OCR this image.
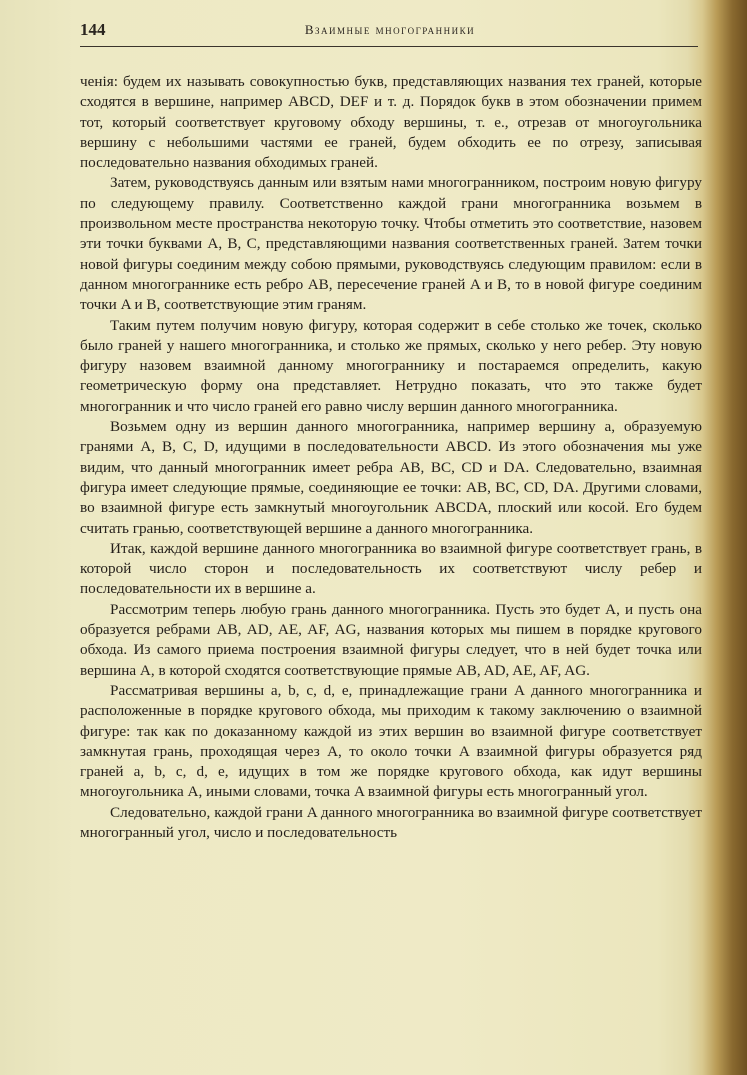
144	Взаимные многогранники

ченія: будем их называть совокупностью букв, представляющих названия тех граней, которые сходятся в вершине, например ABCD, DEF и т. д. Порядок букв в этом обозначении примем тот, который соответствует круговому обходу вершины, т. е., отрезав от многоугольника вершину с небольшими частями ее граней, будем обходить ее по отрезу, записывая последовательно названия обходимых граней.

Затем, руководствуясь данным или взятым нами многогранником, построим новую фигуру по следующему правилу. Соответственно каждой грани многогранника возьмем в произвольном месте пространства некоторую точку. Чтобы отметить это соответствие, назовем эти точки буквами A, B, C, представляющими названия соответственных граней. Затем точки новой фигуры соединим между собою прямыми, руководствуясь следующим правилом: если в данном многограннике есть ребро AB, пересечение граней A и B, то в новой фигуре соединим точки A и B, соответствующие этим граням.

Таким путем получим новую фигуру, которая содержит в себе столько же точек, сколько было граней у нашего многогранника, и столько же прямых, сколько у него ребер. Эту новую фигуру назовем взаимной данному многограннику и постараемся определить, какую геометрическую форму она представляет. Нетрудно показать, что это также будет многогранник и что число граней его равно числу вершин данного многогранника.

Возьмем одну из вершин данного многогранника, например вершину a, образуемую гранями A, B, C, D, идущими в последовательности ABCD. Из этого обозначения мы уже видим, что данный многогранник имеет ребра AB, BC, CD и DA. Следовательно, взаимная фигура имеет следующие прямые, соединяющие ее точки: AB, BC, CD, DA. Другими словами, во взаимной фигуре есть замкнутый многоугольник ABCDA, плоский или косой. Его будем считать гранью, соответствующей вершине a данного многогранника.

Итак, каждой вершине данного многогранника во взаимной фигуре соответствует грань, в которой число сторон и последовательность их соответствуют числу ребер и последовательности их в вершине a.

Рассмотрим теперь любую грань данного многогранника. Пусть это будет A, и пусть она образуется ребрами AB, AD, AE, AF, AG, названия которых мы пишем в порядке кругового обхода. Из самого приема построения взаимной фигуры следует, что в ней будет точка или вершина A, в которой сходятся соответствующие прямые AB, AD, AE, AF, AG.

Рассматривая вершины a, b, c, d, e, принадлежащие грани A данного многогранника и расположенные в порядке кругового обхода, мы приходим к такому заключению о взаимной фигуре: так как по доказанному каждой из этих вершин во взаимной фигуре соответствует замкнутая грань, проходящая через A, то около точки A взаимной фигуры образуется ряд граней a, b, c, d, e, идущих в том же порядке кругового обхода, как идут вершины многоугольника A, иными словами, точка A взаимной фигуры есть многогранный угол.

Следовательно, каждой грани A данного многогранника во взаимной фигуре соответствует многогранный угол, число и последовательность
